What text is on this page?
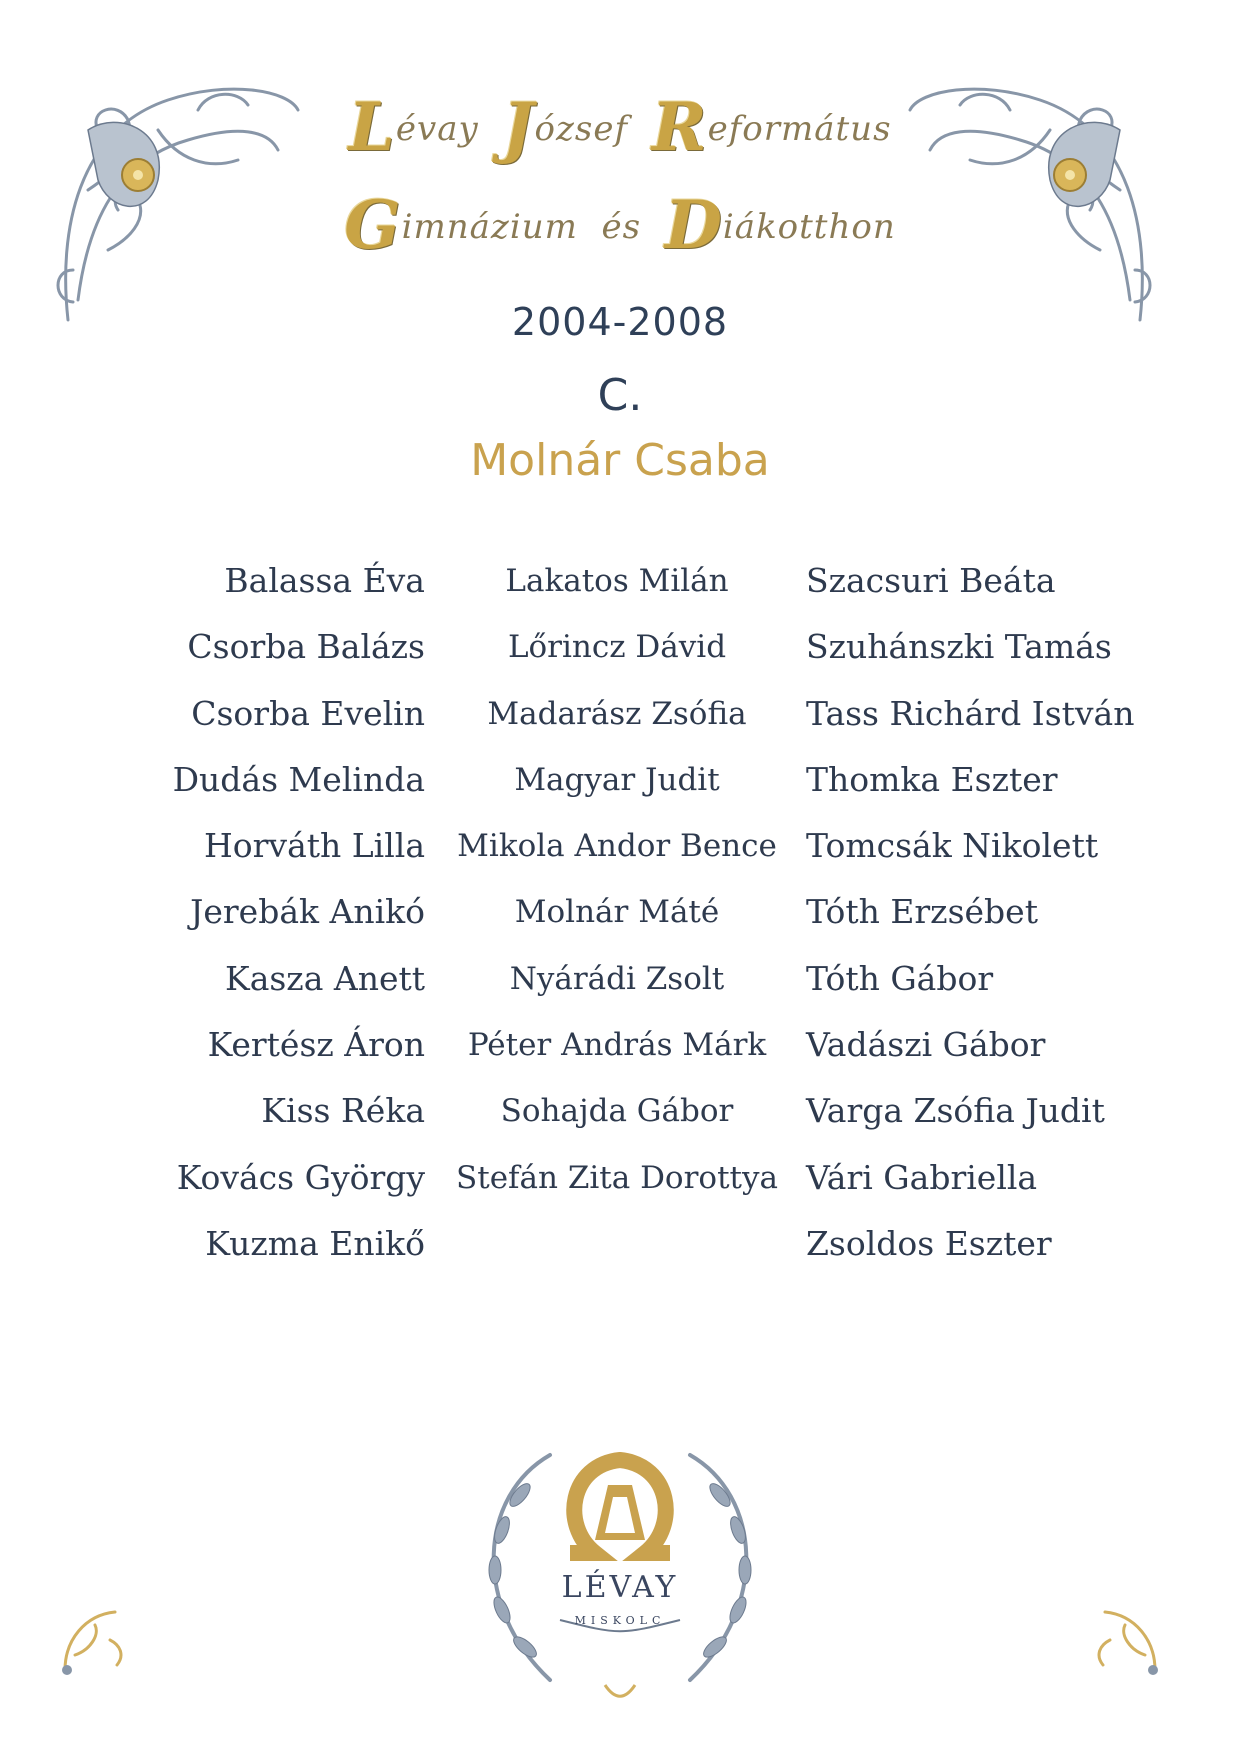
Lévay József Református
Gimnázium és Diákotthon
2004-2008
C.
Molnár Csaba
Balassa Éva
Csorba Balázs
Csorba Evelin
Dudás Melinda
Horváth Lilla
Jerebák Anikó
Kasza Anett
Kertész Áron
Kiss Réka
Kovács György
Kuzma Enikő
Lakatos Milán
Lőrincz Dávid
Madarász Zsófia
Magyar Judit
Mikola Andor Bence
Molnár Máté
Nyárádi Zsolt
Péter András Márk
Sohajda Gábor
Stefán Zita Dorottya
Szacsuri Beáta
Szuhánszki Tamás
Tass Richárd István
Thomka Eszter
Tomcsák Nikolett
Tóth Erzsébet
Tóth Gábor
Vadászi Gábor
Varga Zsófia Judit
Vári Gabriella
Zsoldos Eszter
LÉVAY
MISKOLC
